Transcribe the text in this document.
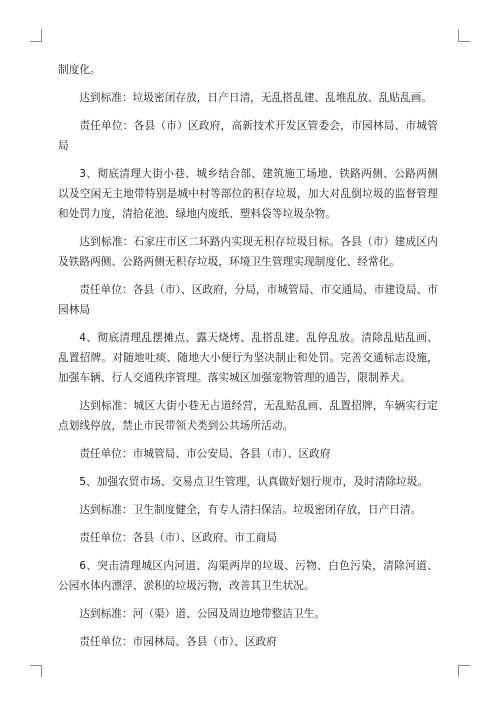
制度化。

达到标准：垃圾密闭存放，日产日清，无乱搭乱建、乱堆乱放、乱贴乱画。

责任单位：各县（市）区政府，高新技术开发区管委会，市园林局、市城管局

3、彻底清理大街小巷、城乡结合部、建筑施工场地、铁路两侧、公路两侧以及空闲无主地带特别是城中村等部位的积存垃圾，加大对乱倒垃圾的监督管理和处罚力度，清拾花池、绿地内废纸、塑料袋等垃圾杂物。

达到标准：石家庄市区二环路内实现无积存垃圾目标。各县（市）建成区内及铁路两侧、公路两侧无积存垃圾，环境卫生管理实现制度化、经常化。

责任单位：各县（市）、区政府，分局，市城管局、市交通局、市建设局、市园林局

4、彻底清理乱摆摊点、露天烧烤、乱搭乱建、乱停乱放。清除乱贴乱画、乱置招牌。对随地吐痰、随地大小便行为坚决制止和处罚。完善交通标志设施，加强车辆、行人交通秩序管理。落实城区加强宠物管理的通告，限制养犬。

达到标准：城区大街小巷无占道经营，无乱贴乱画、乱置招牌，车辆实行定点划线停放，禁止市民带领犬类到公共场所活动。

责任单位：市城管局、市公安局、各县（市）、区政府

5、加强农贸市场、交易点卫生管理，认真做好划行规市，及时清除垃圾。

达到标准：卫生制度健全，有专人清扫保洁。垃圾密闭存放，日产日清。

责任单位：各县（市）、区政府、市工商局

6、突击清理城区内河道、沟渠两岸的垃圾、污物、白色污染，清除河道、公园水体内漂浮、淤积的垃圾污物，改善其卫生状况。

达到标准：河（渠）道、公园及周边地带整洁卫生。

责任单位：市园林局、各县（市）、区政府
